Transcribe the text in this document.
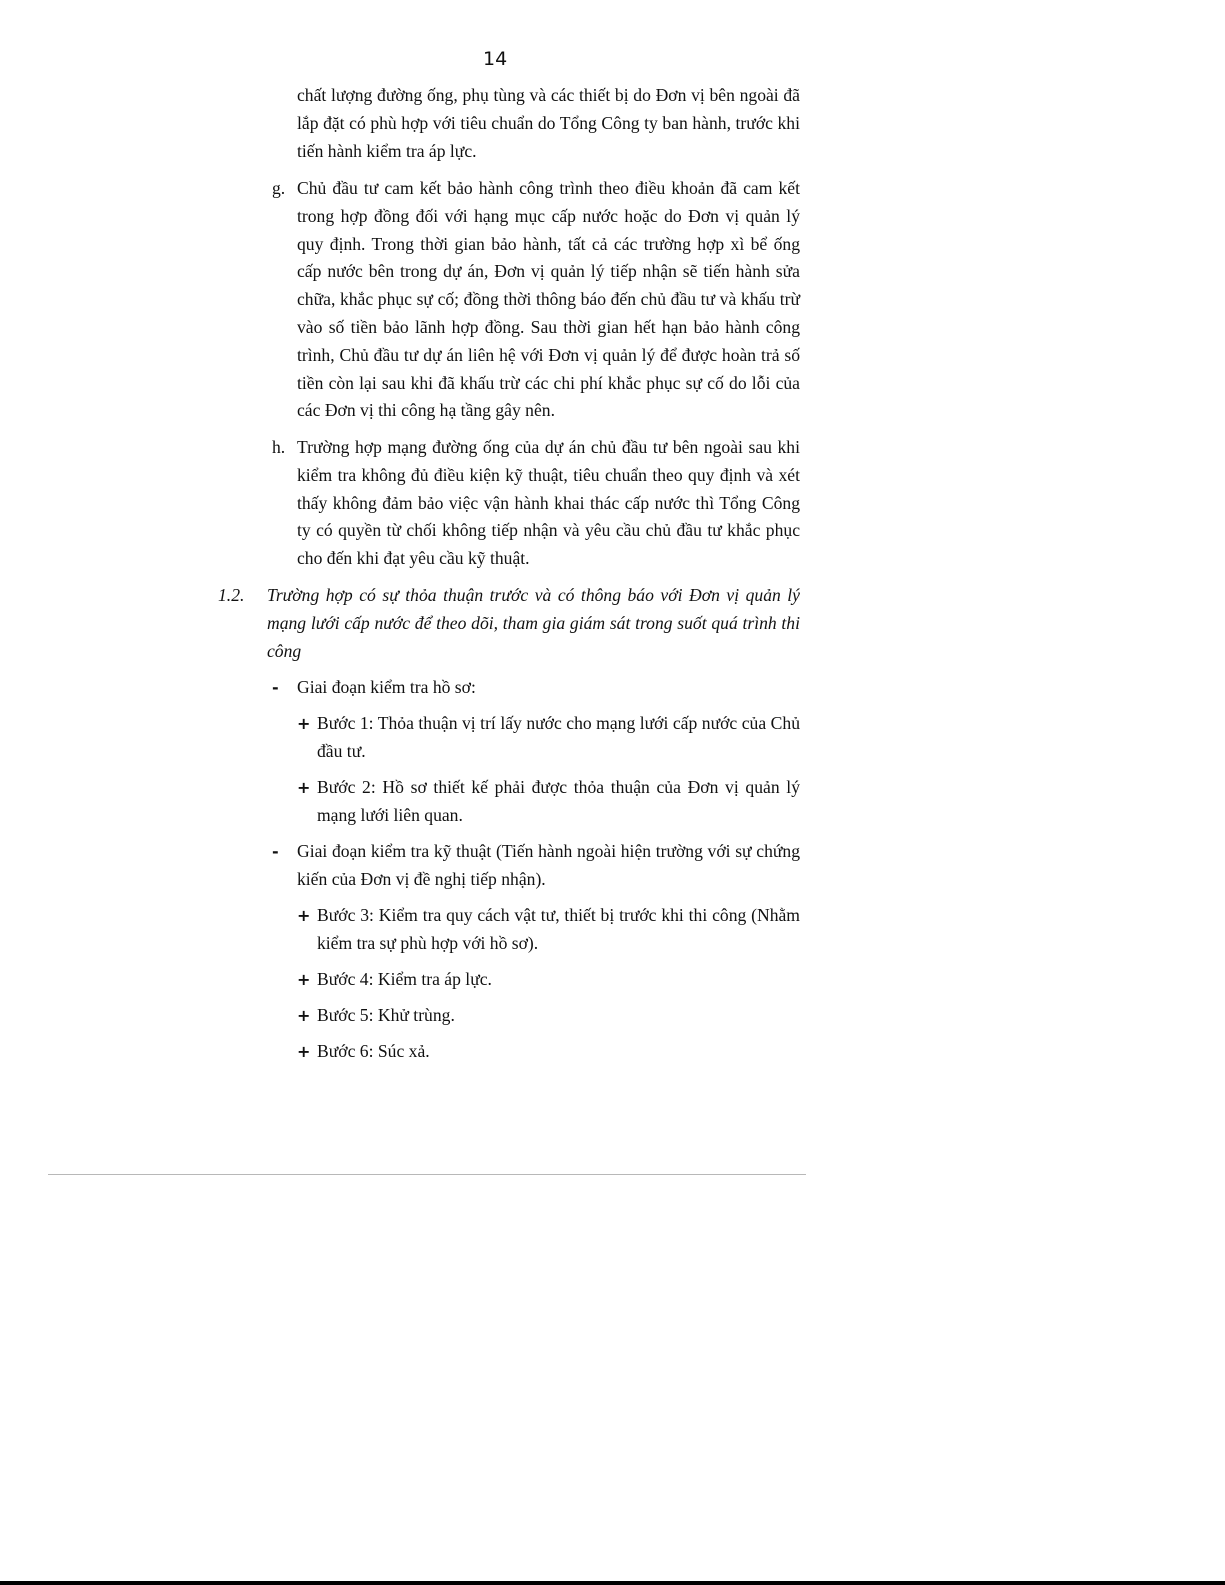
14

chất lượng đường ống, phụ tùng và các thiết bị do Đơn vị bên ngoài đã lắp đặt có phù hợp với tiêu chuẩn do Tổng Công ty ban hành, trước khi tiến hành kiểm tra áp lực.

g. Chủ đầu tư cam kết bảo hành công trình theo điều khoản đã cam kết trong hợp đồng đối với hạng mục cấp nước hoặc do Đơn vị quản lý quy định. Trong thời gian bảo hành, tất cả các trường hợp xì bể ống cấp nước bên trong dự án, Đơn vị quản lý tiếp nhận sẽ tiến hành sửa chữa, khắc phục sự cố; đồng thời thông báo đến chủ đầu tư và khấu trừ vào số tiền bảo lãnh hợp đồng. Sau thời gian hết hạn bảo hành công trình, Chủ đầu tư dự án liên hệ với Đơn vị quản lý để được hoàn trả số tiền còn lại sau khi đã khấu trừ các chi phí khắc phục sự cố do lỗi của các Đơn vị thi công hạ tầng gây nên.

h. Trường hợp mạng đường ống của dự án chủ đầu tư bên ngoài sau khi kiểm tra không đủ điều kiện kỹ thuật, tiêu chuẩn theo quy định và xét thấy không đảm bảo việc vận hành khai thác cấp nước thì Tổng Công ty có quyền từ chối không tiếp nhận và yêu cầu chủ đầu tư khắc phục cho đến khi đạt yêu cầu kỹ thuật.

1.2. Trường hợp có sự thỏa thuận trước và có thông báo với Đơn vị quản lý mạng lưới cấp nước để theo dõi, tham gia giám sát trong suốt quá trình thi công

- Giai đoạn kiểm tra hồ sơ:

+ Bước 1: Thỏa thuận vị trí lấy nước cho mạng lưới cấp nước của Chủ đầu tư.

+ Bước 2: Hồ sơ thiết kế phải được thỏa thuận của Đơn vị quản lý mạng lưới liên quan.

- Giai đoạn kiểm tra kỹ thuật (Tiến hành ngoài hiện trường với sự chứng kiến của Đơn vị đề nghị tiếp nhận).

+ Bước 3: Kiểm tra quy cách vật tư, thiết bị trước khi thi công (Nhằm kiểm tra sự phù hợp với hồ sơ).

+ Bước 4: Kiểm tra áp lực.

+ Bước 5: Khử trùng.

+ Bước 6: Súc xả.
